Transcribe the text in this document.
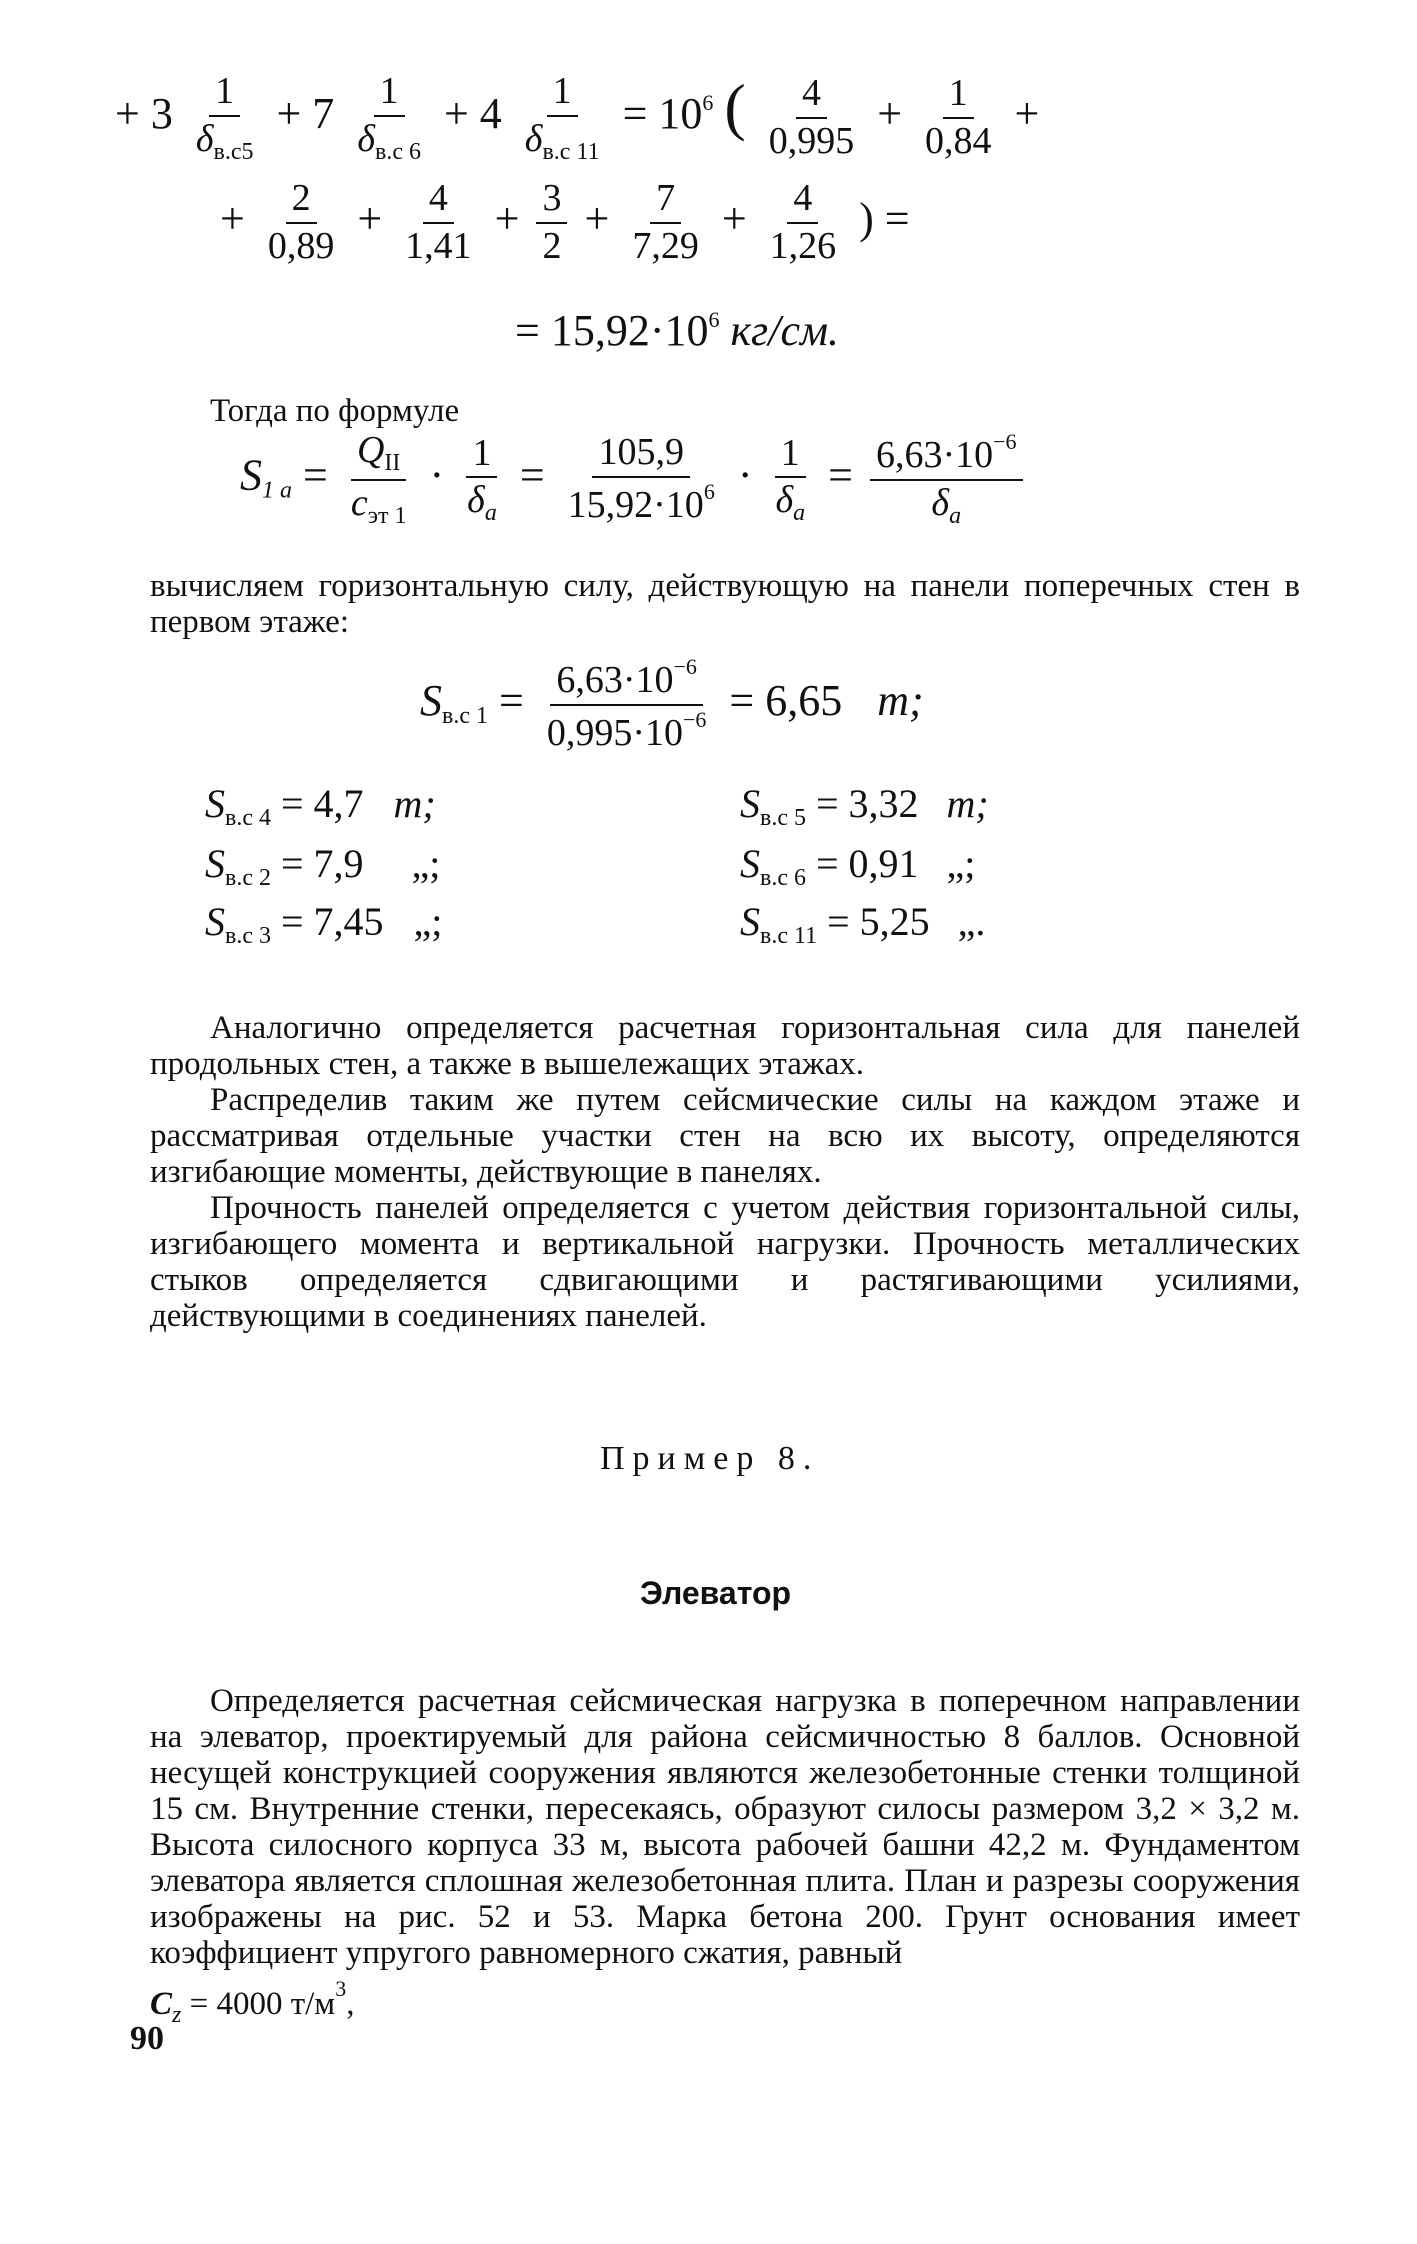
+ $3 \frac{1}{\delta_{в.с5}} + 7 \frac{1}{\delta_{в.с 6}} + 4 \frac{1}{\delta_{в.с 11}} = 10^6$ ( $\frac{4}{0,995} + \frac{1}{0,84}$ +
+ $\frac{2}{0,89} + \frac{4}{1,41} + \frac{3}{2} + \frac{7}{7,29} + \frac{4}{1,26}$ ) =
= $15,92\cdot 10^6$ кг/см.
Тогда по формуле
$S_{1 a} = \frac{Q_{II}}{c_{эт 1}} \cdot \frac{1}{\delta_a} = \frac{105,9}{15,92\cdot 10^6} \cdot \frac{1}{\delta_a} = \frac{6,63\cdot 10^{-6}}{\delta_a}$

вычисляем горизонтальную силу, действующую на панели поперечных стен в первом этаже:

$S_{в.с 1} = \frac{6,63\cdot 10^{-6}}{0,995\cdot 10^{-6}} = 6,65$ т;
$S_{в.с 4} = 4,7$ т;
$S_{в.с 2} = 7,9$ „;
$S_{в.с 3} = 7,45$ „;
$S_{в.с 5} = 3,32$ т;
$S_{в.с 6} = 0,91$ „;
$S_{в.с 11} = 5,25$ „.

Аналогично определяется расчетная горизонтальная сила для панелей продольных стен, а также в вышележащих этажах.

Распределив таким же путем сейсмические силы на каждом этаже и рассматривая отдельные участки стен на всю их высоту, определяются изгибающие моменты, действующие в панелях.

Прочность панелей определяется с учетом действия горизонтальной силы, изгибающего момента и вертикальной нагрузки. Прочность металлических стыков определяется сдвигающими и растягивающими усилиями, действующими в соединениях панелей.

Пример 8.
Элеватор

Определяется расчетная сейсмическая нагрузка в поперечном направлении на элеватор, проектируемый для района сейсмичностью 8 баллов. Основной несущей конструкцией сооружения являются железобетонные стенки толщиной 15 см. Внутренние стенки, пересекаясь, образуют силосы размером 3,2 × 3,2 м. Высота силосного корпуса 33 м, высота рабочей башни 42,2 м. Фундаментом элеватора является сплошная железобетонная плита. План и разрезы сооружения изображены на рис. 52 и 53. Марка бетона 200. Грунт основания имеет коэффициент упругого равномерного сжатия, равный
$C_z = 4000$ $т/м^3$,

90
